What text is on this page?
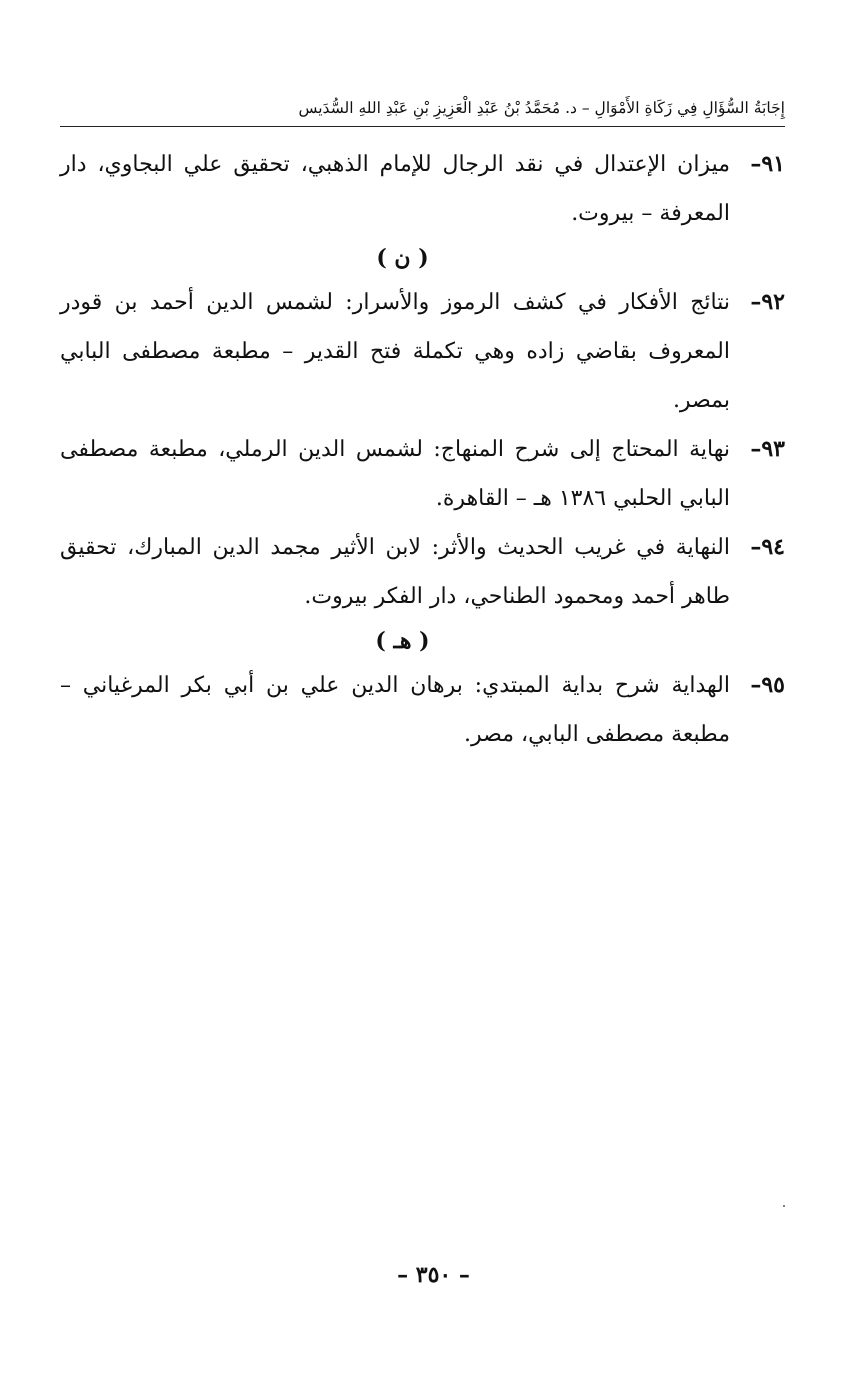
إِجَابَةُ السُّؤَالِ فِي زَكَاةِ الأَمْوَالِ – د. مُحَمَّدُ بْنُ عَبْدِ الْعَزِيزِ بْنِ عَبْدِ اللهِ السُّدَيس
٩١–
ميزان الإعتدال في نقد الرجال للإمام الذهبي، تحقيق علي البجاوي، دار المعرفة – بيروت.
( ن )
٩٢–
نتائج الأفكار في كشف الرموز والأسرار: لشمس الدين أحمد بن قودر المعروف بقاضي زاده وهي تكملة فتح القدير – مطبعة مصطفى البابي بمصر.
٩٣–
نهاية المحتاج إلى شرح المنهاج: لشمس الدين الرملي، مطبعة مصطفى البابي الحلبي ١٣٨٦ هـ – القاهرة.
٩٤–
النهاية في غريب الحديث والأثر: لابن الأثير مجمد الدين المبارك، تحقيق طاهر أحمد ومحمود الطناحي، دار الفكر بيروت.
( هـ )
٩٥–
الهداية شرح بداية المبتدي: برهان الدين علي بن أبي بكر المرغياني – مطبعة مصطفى البابي، مصر.
– ٣٥٠ –
